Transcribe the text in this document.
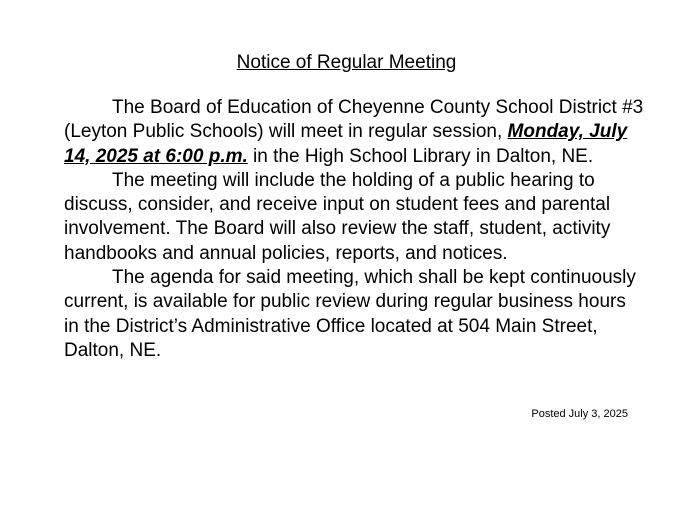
Notice of Regular Meeting

The Board of Education of Cheyenne County School District #3 (Leyton Public Schools) will meet in regular session, Monday, July 14, 2025 at 6:00 p.m. in the High School Library in Dalton, NE.

The meeting will include the holding of a public hearing to discuss, consider, and receive input on student fees and parental involvement. The Board will also review the staff, student, activity handbooks and annual policies, reports, and notices.

The agenda for said meeting, which shall be kept continuously current, is available for public review during regular business hours in the District’s Administrative Office located at 504 Main Street, Dalton, NE.

Posted July 3, 2025
